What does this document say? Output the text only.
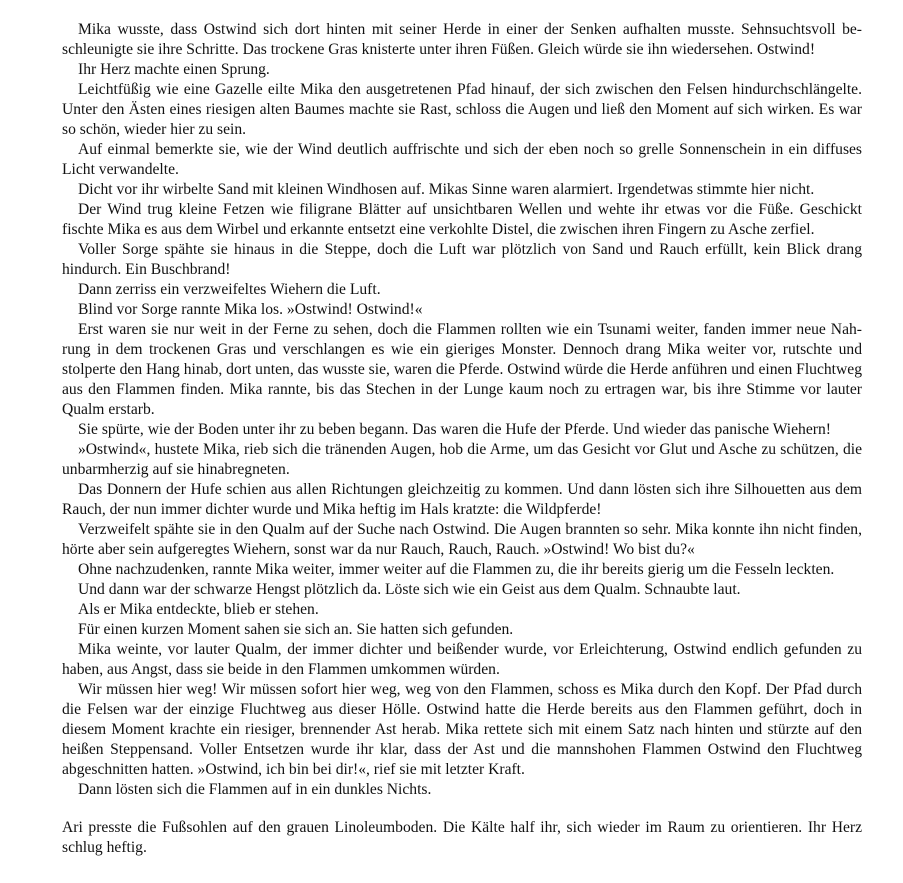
Mika wusste, dass Ostwind sich dort hinten mit seiner Herde in einer der Senken aufhalten musste. Sehnsuchtsvoll beschleunigte sie ihre Schritte. Das trockene Gras knisterte unter ihren Füßen. Gleich würde sie ihn wiedersehen. Ostwind!

Ihr Herz machte einen Sprung.

Leichtfüßig wie eine Gazelle eilte Mika den ausgetretenen Pfad hinauf, der sich zwischen den Felsen hindurchschlängelte. Unter den Ästen eines riesigen alten Baumes machte sie Rast, schloss die Augen und ließ den Moment auf sich wirken. Es war so schön, wieder hier zu sein.

Auf einmal bemerkte sie, wie der Wind deutlich auffrischte und sich der eben noch so grelle Sonnenschein in ein diffuses Licht verwandelte.

Dicht vor ihr wirbelte Sand mit kleinen Windhosen auf. Mikas Sinne waren alarmiert. Irgendetwas stimmte hier nicht.

Der Wind trug kleine Fetzen wie filigrane Blätter auf unsichtbaren Wellen und wehte ihr etwas vor die Füße. Geschickt fischte Mika es aus dem Wirbel und erkannte entsetzt eine verkohlte Distel, die zwischen ihren Fingern zu Asche zerfiel.

Voller Sorge spähte sie hinaus in die Steppe, doch die Luft war plötzlich von Sand und Rauch erfüllt, kein Blick drang hindurch. Ein Buschbrand!

Dann zerriss ein verzweifeltes Wiehern die Luft.

Blind vor Sorge rannte Mika los. »Ostwind! Ostwind!«

Erst waren sie nur weit in der Ferne zu sehen, doch die Flammen rollten wie ein Tsunami weiter, fanden immer neue Nahrung in dem trockenen Gras und verschlangen es wie ein gieriges Monster. Dennoch drang Mika weiter vor, rutschte und stolperte den Hang hinab, dort unten, das wusste sie, waren die Pferde. Ostwind würde die Herde anführen und einen Fluchtweg aus den Flammen finden. Mika rannte, bis das Stechen in der Lunge kaum noch zu ertragen war, bis ihre Stimme vor lauter Qualm erstarb.

Sie spürte, wie der Boden unter ihr zu beben begann. Das waren die Hufe der Pferde. Und wieder das panische Wiehern!

»Ostwind«, hustete Mika, rieb sich die tränenden Augen, hob die Arme, um das Gesicht vor Glut und Asche zu schützen, die unbarmherzig auf sie hinabregneten.

Das Donnern der Hufe schien aus allen Richtungen gleichzeitig zu kommen. Und dann lösten sich ihre Silhouetten aus dem Rauch, der nun immer dichter wurde und Mika heftig im Hals kratzte: die Wildpferde!

Verzweifelt spähte sie in den Qualm auf der Suche nach Ostwind. Die Augen brannten so sehr. Mika konnte ihn nicht finden, hörte aber sein aufgeregtes Wiehern, sonst war da nur Rauch, Rauch, Rauch. »Ostwind! Wo bist du?«

Ohne nachzudenken, rannte Mika weiter, immer weiter auf die Flammen zu, die ihr bereits gierig um die Fesseln leckten.

Und dann war der schwarze Hengst plötzlich da. Löste sich wie ein Geist aus dem Qualm. Schnaubte laut.

Als er Mika entdeckte, blieb er stehen.

Für einen kurzen Moment sahen sie sich an. Sie hatten sich gefunden.

Mika weinte, vor lauter Qualm, der immer dichter und beißender wurde, vor Erleichterung, Ostwind endlich gefunden zu haben, aus Angst, dass sie beide in den Flammen umkommen würden.

Wir müssen hier weg! Wir müssen sofort hier weg, weg von den Flammen, schoss es Mika durch den Kopf. Der Pfad durch die Felsen war der einzige Fluchtweg aus dieser Hölle. Ostwind hatte die Herde bereits aus den Flammen geführt, doch in diesem Moment krachte ein riesiger, brennender Ast herab. Mika rettete sich mit einem Satz nach hinten und stürzte auf den heißen Steppensand. Voller Entsetzen wurde ihr klar, dass der Ast und die mannshohen Flammen Ostwind den Fluchtweg abgeschnitten hatten. »Ostwind, ich bin bei dir!«, rief sie mit letzter Kraft.

Dann lösten sich die Flammen auf in ein dunkles Nichts.

Ari presste die Fußsohlen auf den grauen Linoleumboden. Die Kälte half ihr, sich wieder im Raum zu orientieren. Ihr Herz schlug heftig.
